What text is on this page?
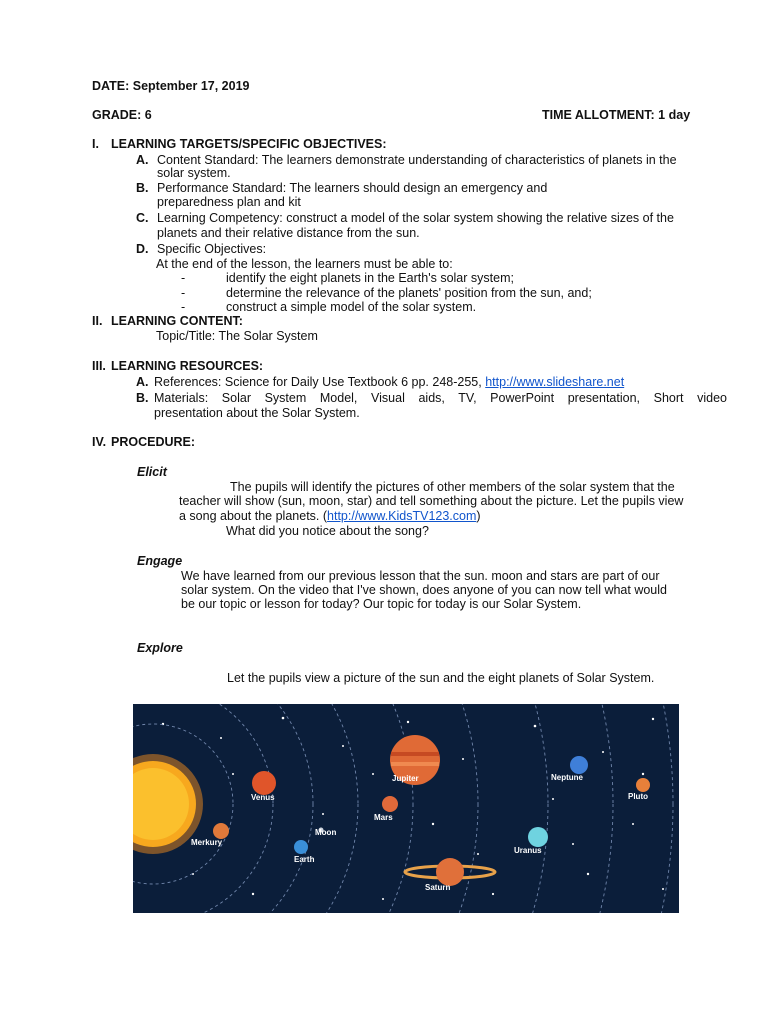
DATE: September 17, 2019
GRADE: 6	TIME ALLOTMENT: 1 day
I. LEARNING TARGETS/SPECIFIC OBJECTIVES:
A. Content Standard: The learners demonstrate understanding of characteristics of planets in the
solar system.
B. Performance Standard: The learners should design an emergency and
preparedness plan and kit
C. Learning Competency: construct a model of the solar system showing the relative sizes of the
planets and their relative distance from the sun.
D. Specific Objectives:
At the end of the lesson, the learners must be able to:
-	identify the eight planets in the Earth's solar system;
-	determine the relevance of the planets' position from the sun, and;
-	construct a simple model of the solar system.
II. LEARNING CONTENT:
Topic/Title: The Solar System
III. LEARNING RESOURCES:
A. References: Science for Daily Use Textbook 6 pp. 248-255, http://www.slideshare.net
B. Materials: Solar System Model, Visual aids, TV, PowerPoint presentation, Short video
presentation about the Solar System.
IV. PROCEDURE:
Elicit
The pupils will identify the pictures of other members of the solar system that the
teacher will show (sun, moon, star) and tell something about the picture. Let the pupils view
a song about the planets. (http://www.KidsTV123.com)
What did you notice about the song?
Engage
We have learned from our previous lesson that the sun. moon and stars are part of our
solar system. On the video that I've shown, does anyone of you can now tell what would
be our topic or lesson for today? Our topic for today is our Solar System.
Explore
Let the pupils view a picture of the sun and the eight planets of Solar System.
Venus
Jupiter	Neptune
Pluto
Mars
Moon
Merkury
Earth
Uranus
Saturn
